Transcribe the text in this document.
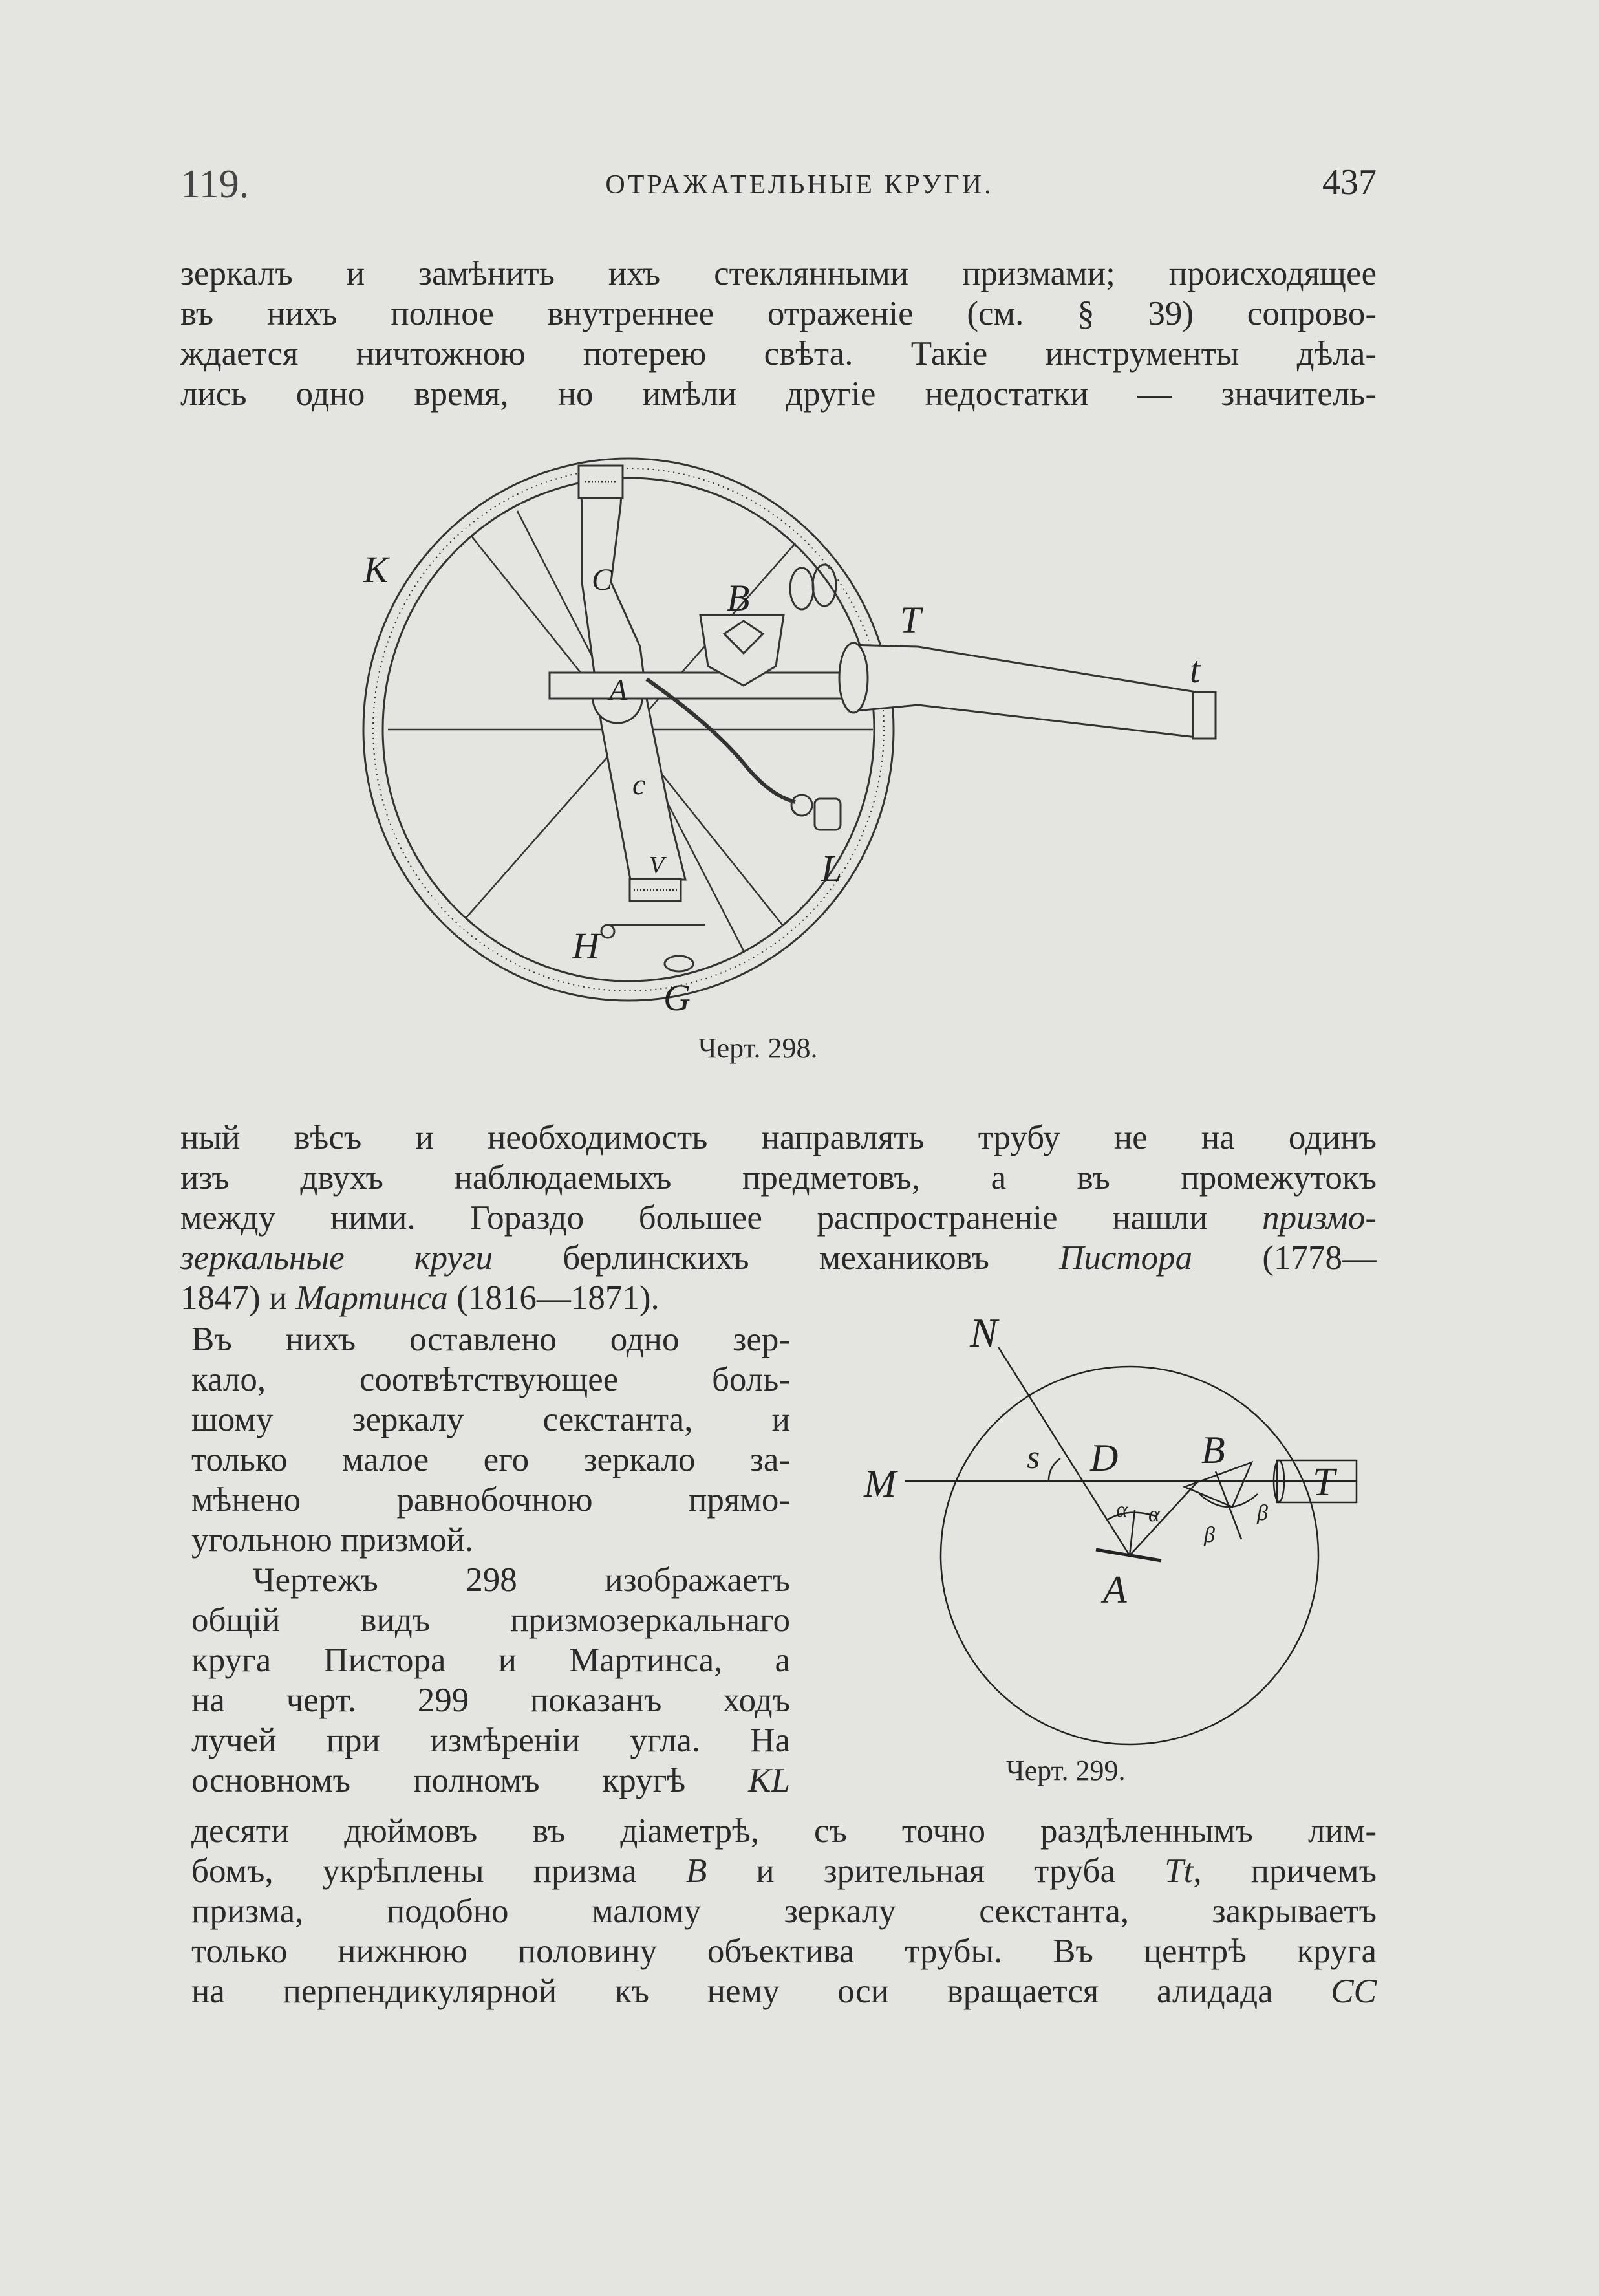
119.	ОТРАЖАТЕЛЬНЫЕ КРУГИ.	437
зеркалъ и замѣнить ихъ стеклянными призмами; происходящее
въ нихъ полное внутреннее отраженіе (см. § 39) сопрово-
ждается ничтожною потерею свѣта. Такіе инструменты дѣла-
лись одно время, но имѣли другіе недостатки — значитель-
ный вѣсъ и необходимость направлять трубу не на одинъ
изъ двухъ наблюдаемыхъ предметовъ, а въ промежутокъ
между ними. Гораздо большее распространеніе нашли призмо-
зеркальные круги берлинскихъ механиковъ Пистора (1778—
1847) и Мартинса (1816—1871).
Въ нихъ оставлено одно зер-
кало, соотвѣтствующее боль-
шому зеркалу секстанта, и
только малое его зеркало за-
мѣнено равнобочною прямо-
угольною призмой.
Чертежъ 298 изображаетъ
общій видъ призмозеркальнаго
круга Пистора и Мартинса, а
на черт. 299 показанъ ходъ
лучей при измѣреніи угла. На
основномъ полномъ кругѣ KL
десяти дюймовъ въ діаметрѣ, съ точно раздѣленнымъ лим-
бомъ, укрѣплены призма B и зрительная труба Tt, причемъ
призма, подобно малому зеркалу секстанта, закрываетъ
только нижнюю половину объектива трубы. Въ центрѣ круга
на перпендикулярной къ нему оси вращается алидада CC
K	C	B
T
t
A
c
L
V
H
G
Черт. 298.
N
s D B
T
M
A
α α
β
β
Черт. 299.
